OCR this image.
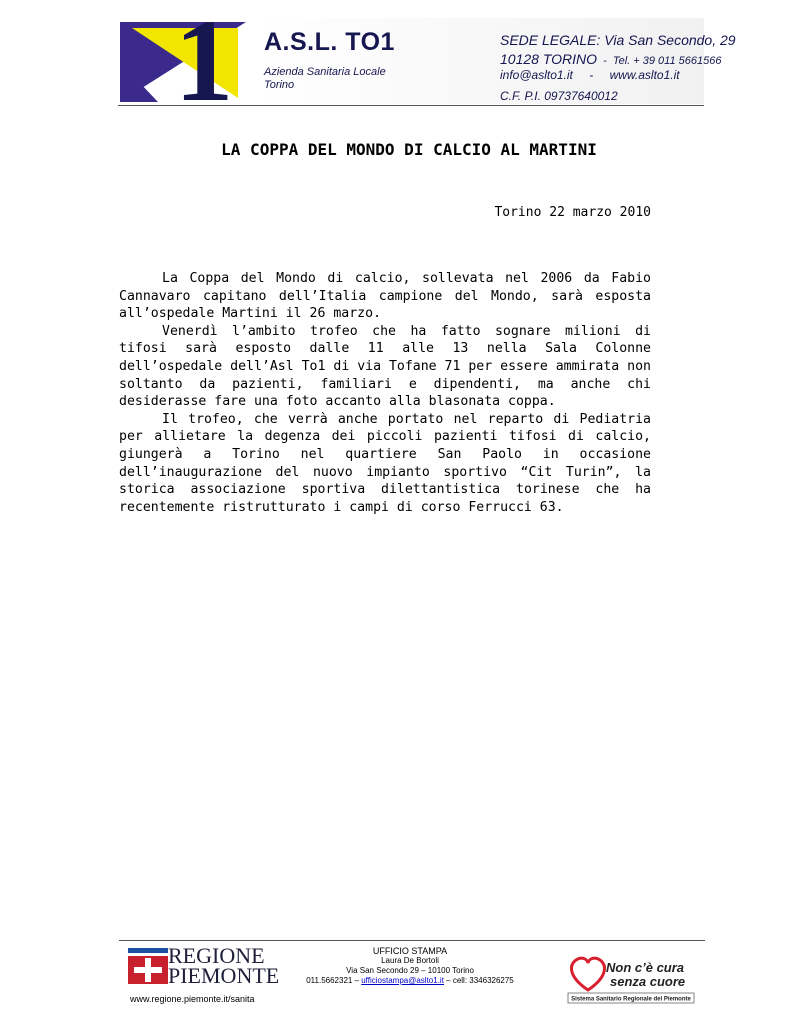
1 A.S.L. TO1
Azienda Sanitaria Locale
Torino
SEDE LEGALE: Via San Secondo, 29
10128 TORINO  -  Tel. + 39 011 5661566
info@aslto1.it - www.aslto1.it
C.F. P.I. 09737640012
LA COPPA DEL MONDO DI CALCIO AL MARTINI
Torino 22 marzo 2010

La Coppa del Mondo di calcio, sollevata nel 2006 da Fabio Cannavaro capitano dell’Italia campione del Mondo, sarà esposta all’ospedale Martini il 26 marzo.

Venerdì l’ambito trofeo che ha fatto sognare milioni di tifosi sarà esposto dalle 11 alle 13 nella Sala Colonne dell’ospedale dell’Asl To1 di via Tofane 71 per essere ammirata non soltanto da pazienti, familiari e dipendenti, ma anche chi desiderasse fare una foto accanto alla blasonata coppa.

Il trofeo, che verrà anche portato nel reparto di Pediatria per allietare la degenza dei piccoli pazienti tifosi di calcio, giungerà a Torino nel quartiere San Paolo in occasione dell’inaugurazione del nuovo impianto sportivo “Cit Turin”, la storica associazione sportiva dilettantistica torinese che ha recentemente ristrutturato i campi di corso Ferrucci 63.

REGIONE
PIEMONTE
www.regione.piemonte.it/sanita
UFFICIO STAMPA
Laura De Bortoli
Via San Secondo 29 – 10100 Torino
011.5662321 – ufficiostampa@aslto1.it – cell: 3346326275
Non c’è cura
senza cuore
Sistema Sanitario Regionale del Piemonte
